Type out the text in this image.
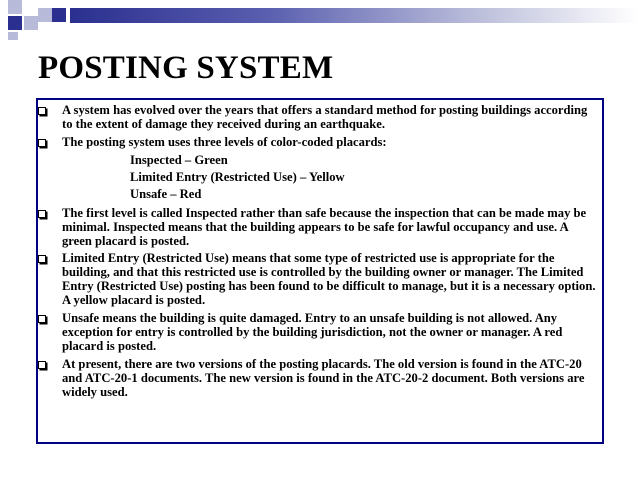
POSTING SYSTEM
A system has evolved over the years that offers a standard method for posting buildings according to the extent of damage they received during an earthquake.
The posting system uses three levels of color-coded placards:
Inspected – Green
Limited Entry (Restricted Use) – Yellow
Unsafe – Red
The first level is called Inspected rather than safe because the inspection that can be made may be minimal. Inspected means that the building appears to be safe for lawful occupancy and use. A green placard is posted.
Limited Entry (Restricted Use) means that some type of restricted use is appropriate for the building, and that this restricted use is controlled by the building owner or manager. The Limited Entry (Restricted Use) posting has been found to be difficult to manage, but it is a necessary option. A yellow placard is posted.
Unsafe means the building is quite damaged. Entry to an unsafe building is not allowed. Any exception for entry is controlled by the building jurisdiction, not the owner or manager. A red placard is posted.
At present, there are two versions of the posting placards. The old version is found in the ATC-20 and ATC-20-1 documents. The new version is found in the ATC-20-2 document. Both versions are widely used.
